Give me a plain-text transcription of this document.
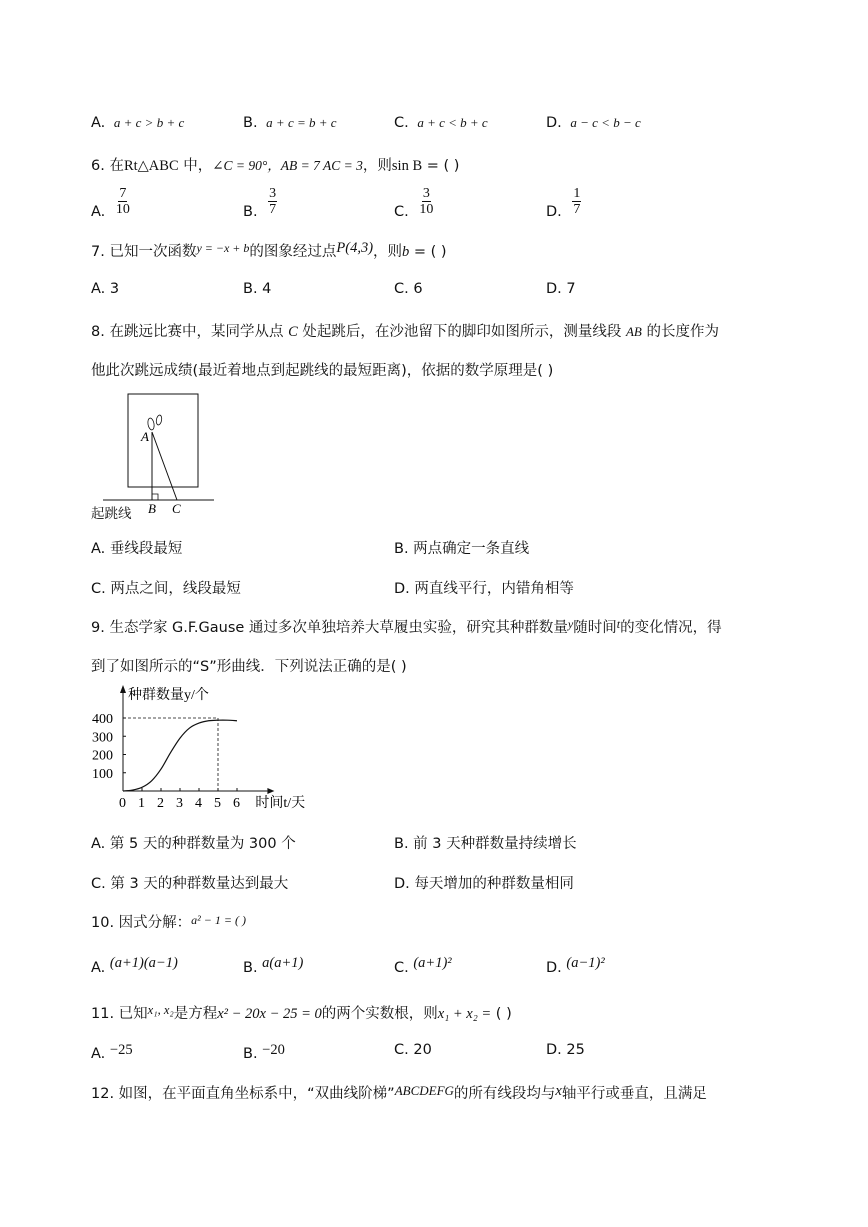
A. a + c > b + c	B. a + c = b + c	C. a + c < b + c	D. a − c < b − c
6. 在Rt△ABC 中，∠C = 90°，AB = 7 AC = 3，则sin B = ( )
A. $\frac{7}{10}$	B. $\frac{3}{7}$	C. $\frac{3}{10}$	D. $\frac{1}{7}$
7. 已知一次函数$^{y = -x + b}$的图象经过点P(4,3)，则b = ( )
A. 3	B. 4	C. 6	D. 7
8. 在跳远比赛中，某同学从点 C 处起跳后，在沙池留下的脚印如图所示，测量线段 AB 的长度作为
他此次跳远成绩(最近着地点到起跳线的最短距离)，依据的数学原理是( )
A
B C
起跳线
A. 垂线段最短	B. 两点确定一条直线
C. 两点之间，线段最短	D. 两直线平行，内错角相等
9. 生态学家 G.F.Gause 通过多次单独培养大草履虫实验，研究其种群数量$^y$随时间$^t$的变化情况，得
到了如图所示的“S”形曲线．下列说法正确的是( )
0 1 2 3 4 5 6
100
200
300
400
种群数量y/个
时间t/天
A. 第 5 天的种群数量为 300 个	B. 前 3 天种群数量持续增长
C. 第 3 天的种群数量达到最大	D. 每天增加的种群数量相同
10. 因式分解：$^{a^2 - 1 = ( )}$
A. (a+1)(a−1)	B. a(a+1)	C. (a+1)²	D. (a−1)²
11. 已知x₁, x₂是方程x² − 20x − 25 = 0的两个实数根，则x₁ + x₂ = ( )
A. −25	B. −20	C. 20	D. 25
12. 如图，在平面直角坐标系中，“双曲线阶梯”ABCDEFG的所有线段均与x轴平行或垂直，且满足
